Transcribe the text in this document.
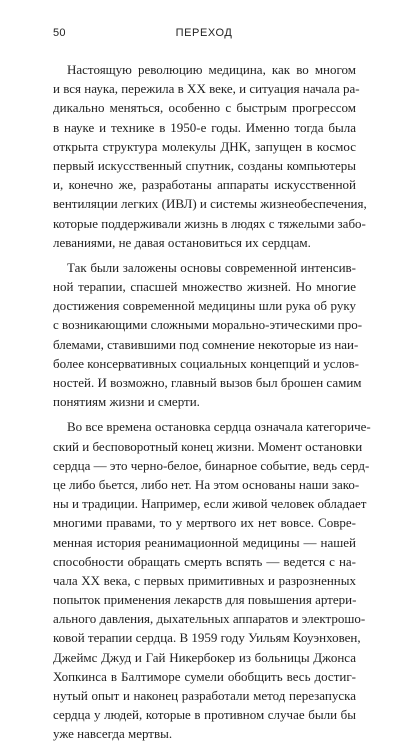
50	ПЕРЕХОД
Настоящую революцию медицина, как во многом
и вся наука, пережила в XX веке, и ситуация начала ра-
дикально меняться, особенно с быстрым прогрессом
в науке и технике в 1950-е годы. Именно тогда была
открыта структура молекулы ДНК, запущен в космос
первый искусственный спутник, созданы компьютеры
и, конечно же, разработаны аппараты искусственной
вентиляции легких (ИВЛ) и системы жизнеобеспечения,
которые поддерживали жизнь в людях с тяжелыми забо-
леваниями, не давая остановиться их сердцам.
Так были заложены основы современной интенсив-
ной терапии, спасшей множество жизней. Но многие
достижения современной медицины шли рука об руку
с возникающими сложными морально-этическими про-
блемами, ставившими под сомнение некоторые из наи-
более консервативных социальных концепций и услов-
ностей. И возможно, главный вызов был брошен самим
понятиям жизни и смерти.
Во все времена остановка сердца означала категориче-
ский и бесповоротный конец жизни. Момент остановки
сердца — это черно-белое, бинарное событие, ведь серд-
це либо бьется, либо нет. На этом основаны наши зако-
ны и традиции. Например, если живой человек обладает
многими правами, то у мертвого их нет вовсе. Совре-
менная история реанимационной медицины — нашей
способности обращать смерть вспять — ведется с на-
чала XX века, с первых примитивных и разрозненных
попыток применения лекарств для повышения артери-
ального давления, дыхательных аппаратов и электрошо-
ковой терапии сердца. В 1959 году Уильям Коуэнховен,
Джеймс Джуд и Гай Никербокер из больницы Джонса
Хопкинса в Балтиморе сумели обобщить весь достиг-
нутый опыт и наконец разработали метод перезапуска
сердца у людей, которые в противном случае были бы
уже навсегда мертвы.
